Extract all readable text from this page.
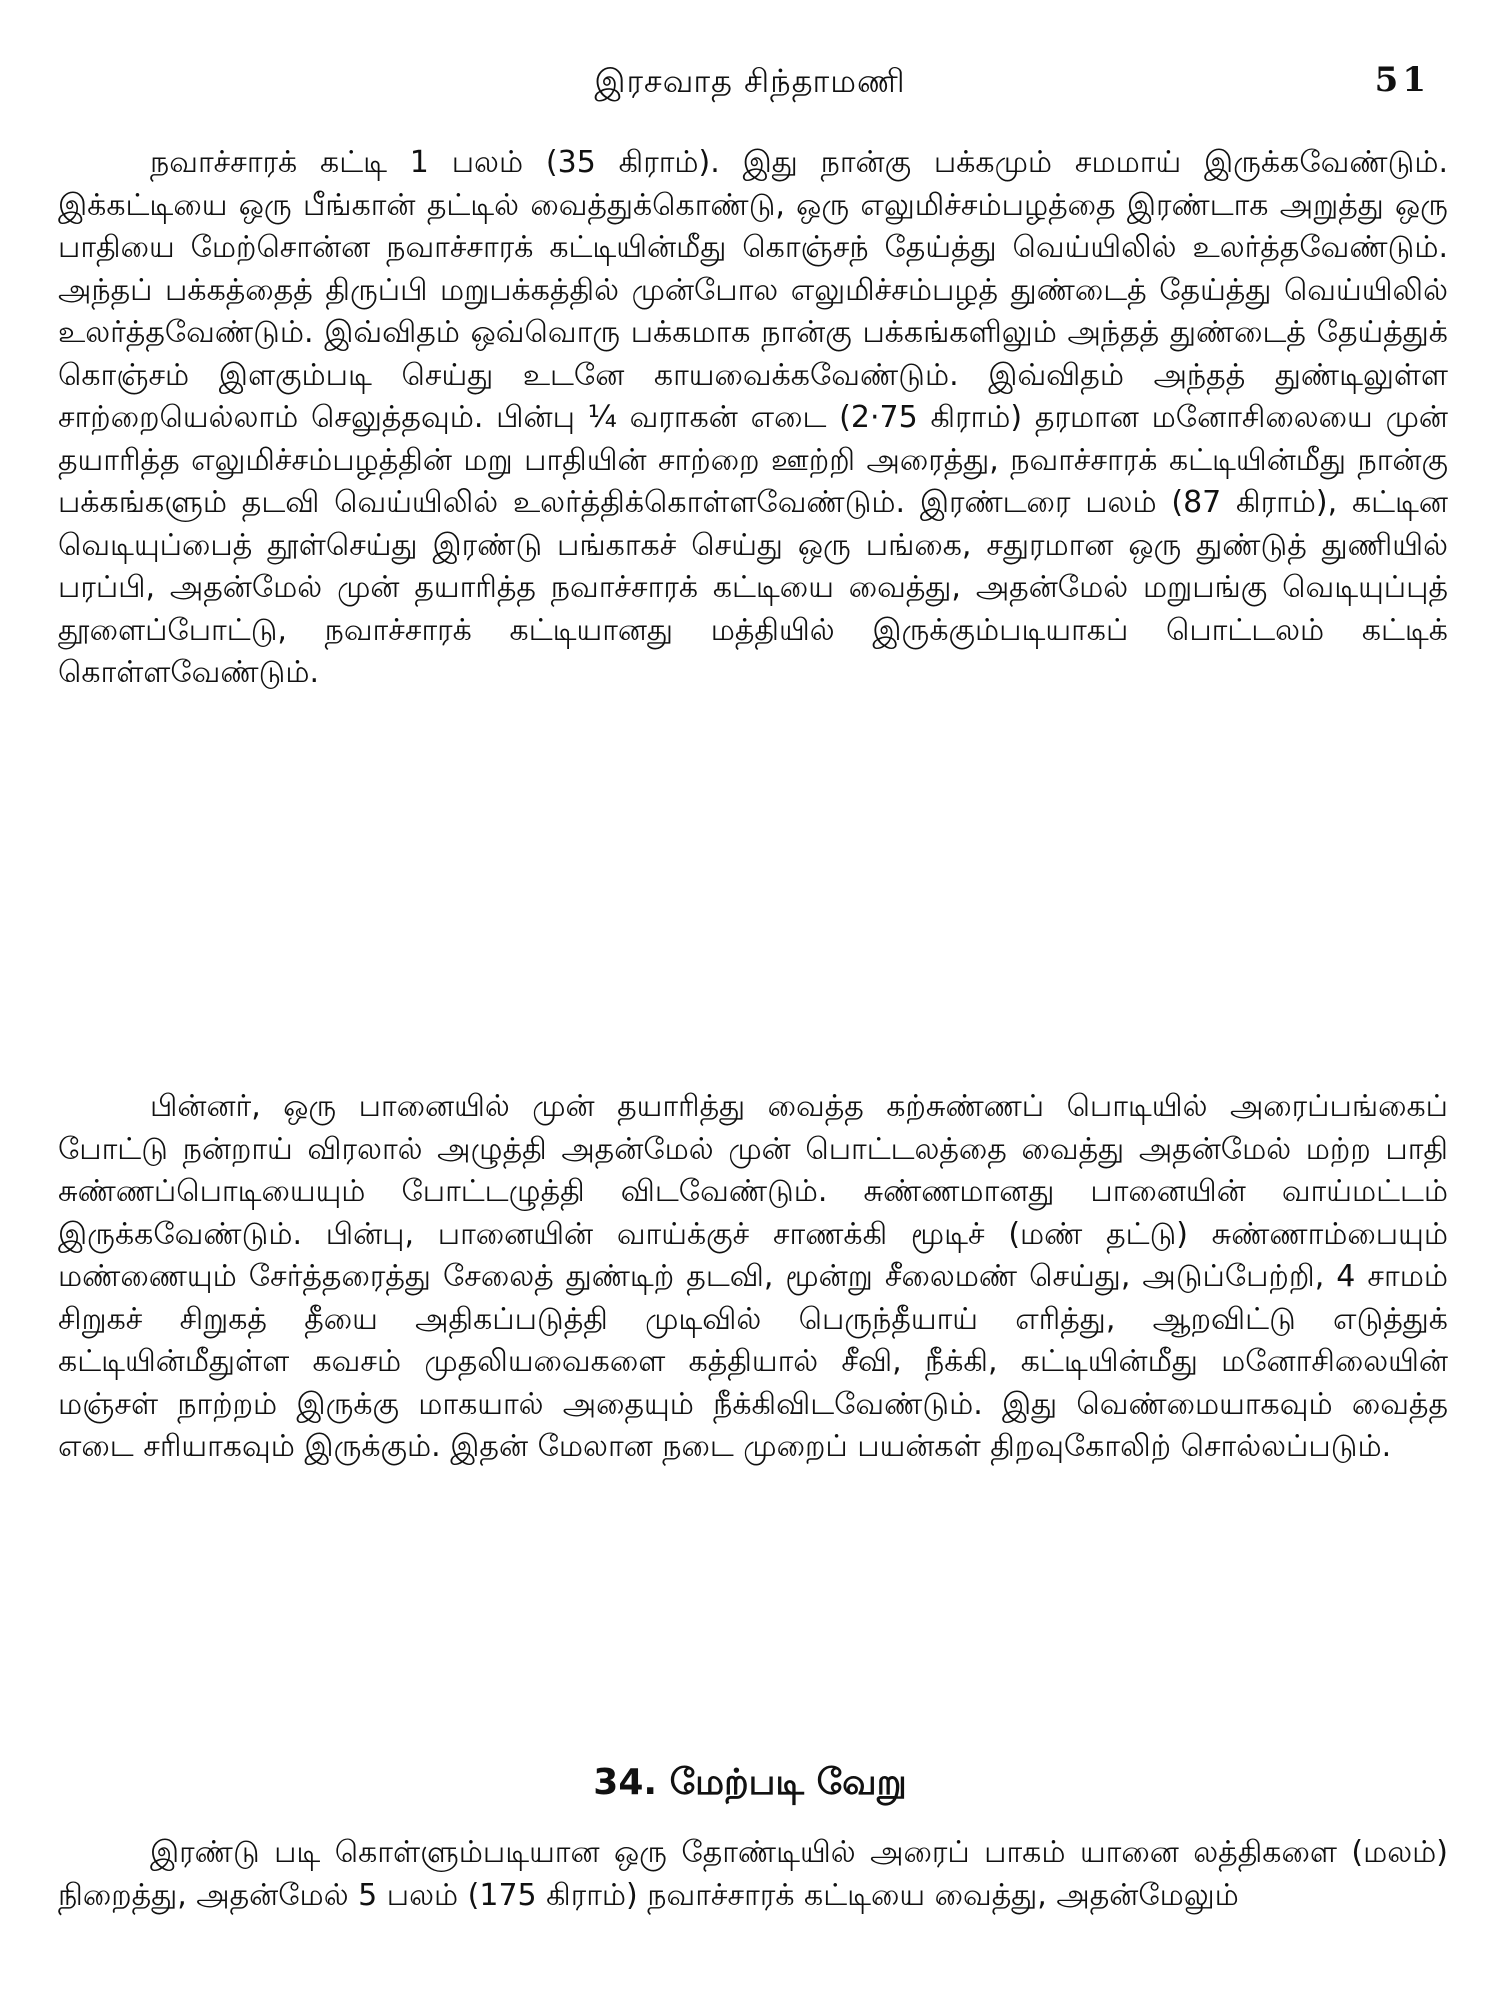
இரசவாத சிந்தாமணி	51

நவாச்சாரக் கட்டி 1 பலம் (35 கிராம்). இது நான்கு பக்கமும் சமமாய் இருக்கவேண்டும். இக்கட்டியை ஒரு பீங்கான் தட்டில் வைத்துக்கொண்டு, ஒரு எலுமிச்சம்பழத்தை இரண்டாக அறுத்து ஒரு பாதியை மேற்சொன்ன நவாச்சாரக் கட்டியின்மீது கொஞ்சந் தேய்த்து வெய்யிலில் உலர்த்தவேண்டும். அந்தப் பக்கத்தைத் திருப்பி மறுபக்கத்தில் முன்போல எலுமிச்சம்பழத் துண்டைத் தேய்த்து வெய்யிலில் உலர்த்தவேண்டும். இவ்விதம் ஒவ்வொரு பக்கமாக நான்கு பக்கங்களிலும் அந்தத் துண்டைத் தேய்த்துக் கொஞ்சம் இளகும்படி செய்து உடனே காயவைக்கவேண்டும். இவ்விதம் அந்தத் துண்டிலுள்ள சாற்றையெல்லாம் செலுத்தவும். பின்பு ¼ வராகன் எடை (2·75 கிராம்) தரமான மனோசிலையை முன் தயாரித்த எலுமிச்சம்பழத்தின் மறு பாதியின் சாற்றை ஊற்றி அரைத்து, நவாச்சாரக் கட்டியின்மீது நான்கு பக்கங்களும் தடவி வெய்யிலில் உலர்த்திக்கொள்ளவேண்டும். இரண்டரை பலம் (87 கிராம்), கட்டின வெடியுப்பைத் தூள்செய்து இரண்டு பங்காகச் செய்து ஒரு பங்கை, சதுரமான ஒரு துண்டுத் துணியில் பரப்பி, அதன்மேல் முன் தயாரித்த நவாச்சாரக் கட்டியை வைத்து, அதன்மேல் மறுபங்கு வெடியுப்புத் தூளைப்போட்டு, நவாச்சாரக் கட்டியானது மத்தியில் இருக்கும்படியாகப் பொட்டலம் கட்டிக் கொள்ளவேண்டும்.

பின்னர், ஒரு பானையில் முன் தயாரித்து வைத்த கற்சுண்ணப் பொடியில் அரைப்பங்கைப் போட்டு நன்றாய் விரலால் அழுத்தி அதன்மேல் முன் பொட்டலத்தை வைத்து அதன்மேல் மற்ற பாதி சுண்ணப்பொடியையும் போட்டழுத்தி விடவேண்டும். சுண்ணமானது பானையின் வாய்மட்டம் இருக்கவேண்டும். பின்பு, பானையின் வாய்க்குச் சாணக்கி மூடிச் (மண் தட்டு) சுண்ணாம்பையும் மண்ணையும் சேர்த்தரைத்து சேலைத் துண்டிற் தடவி, மூன்று சீலைமண் செய்து, அடுப்பேற்றி, 4 சாமம் சிறுகச் சிறுகத் தீயை அதிகப்படுத்தி முடிவில் பெருந்தீயாய் எரித்து, ஆறவிட்டு எடுத்துக் கட்டியின்மீதுள்ள கவசம் முதலியவைகளை கத்தியால் சீவி, நீக்கி, கட்டியின்மீது மனோசிலையின் மஞ்சள் நாற்றம் இருக்கு மாகயால் அதையும் நீக்கிவிடவேண்டும். இது வெண்மையாகவும் வைத்த எடை சரியாகவும் இருக்கும். இதன் மேலான நடை முறைப் பயன்கள் திறவுகோலிற் சொல்லப்படும்.

34. மேற்படி வேறு

இரண்டு படி கொள்ளும்படியான ஒரு தோண்டியில் அரைப் பாகம் யானை லத்திகளை (மலம்) நிறைத்து, அதன்மேல் 5 பலம் (175 கிராம்) நவாச்சாரக் கட்டியை வைத்து, அதன்மேலும்
